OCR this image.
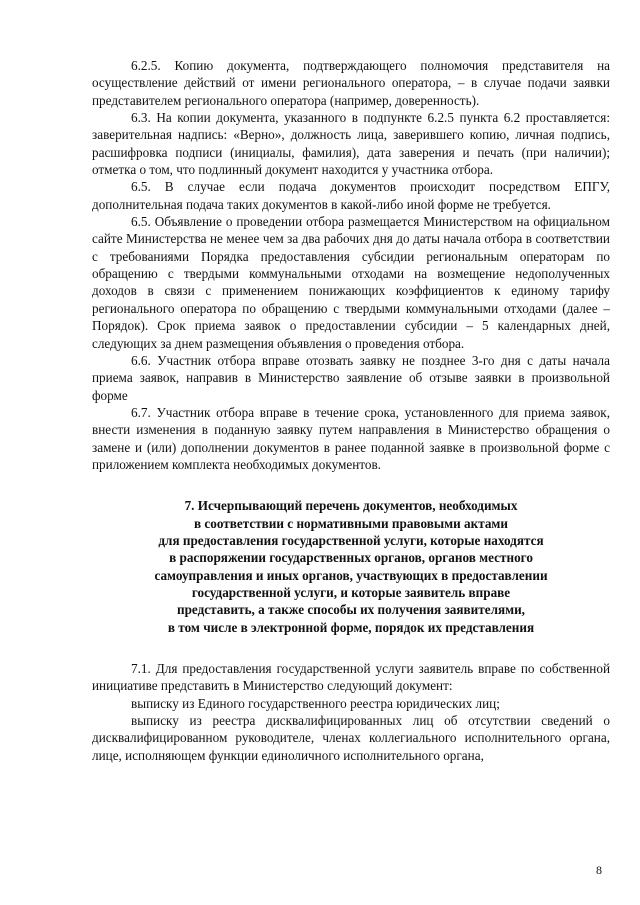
6.2.5. Копию документа, подтверждающего полномочия представителя на осуществление действий от имени регионального оператора, – в случае подачи заявки представителем регионального оператора (например, доверенность).

6.3. На копии документа, указанного в подпункте 6.2.5 пункта 6.2 проставляется: заверительная надпись: «Верно», должность лица, заверившего копию, личная подпись, расшифровка подписи (инициалы, фамилия), дата заверения и печать (при наличии); отметка о том, что подлинный документ находится у участника отбора.

6.5. В случае если подача документов происходит посредством ЕПГУ, дополнительная подача таких документов в какой-либо иной форме не требуется.

6.5. Объявление о проведении отбора размещается Министерством на официальном сайте Министерства не менее чем за два рабочих дня до даты начала отбора в соответствии с требованиями Порядка предоставления субсидии региональным операторам по обращению с твердыми коммунальными отходами на возмещение недополученных доходов в связи с применением понижающих коэффициентов к единому тарифу регионального оператора по обращению с твердыми коммунальными отходами (далее – Порядок). Срок приема заявок о предоставлении субсидии – 5 календарных дней, следующих за днем размещения объявления о проведения отбора.

6.6. Участник отбора вправе отозвать заявку не позднее 3-го дня с даты начала приема заявок, направив в Министерство заявление об отзыве заявки в произвольной форме

6.7. Участник отбора вправе в течение срока, установленного для приема заявок, внести изменения в поданную заявку путем направления в Министерство обращения о замене и (или) дополнении документов в ранее поданной заявке в произвольной форме с приложением комплекта необходимых документов.

7. Исчерпывающий перечень документов, необходимых
в соответствии с нормативными правовыми актами
для предоставления государственной услуги, которые находятся
в распоряжении государственных органов, органов местного
самоуправления и иных органов, участвующих в предоставлении
государственной услуги, и которые заявитель вправе
представить, а также способы их получения заявителями,
в том числе в электронной форме, порядок их представления

7.1. Для предоставления государственной услуги заявитель вправе по собственной инициативе представить в Министерство следующий документ:

выписку из Единого государственного реестра юридических лиц;

выписку из реестра дисквалифицированных лиц об отсутствии сведений о дисквалифицированном руководителе, членах коллегиального исполнительного органа, лице, исполняющем функции единоличного исполнительного органа,

8
